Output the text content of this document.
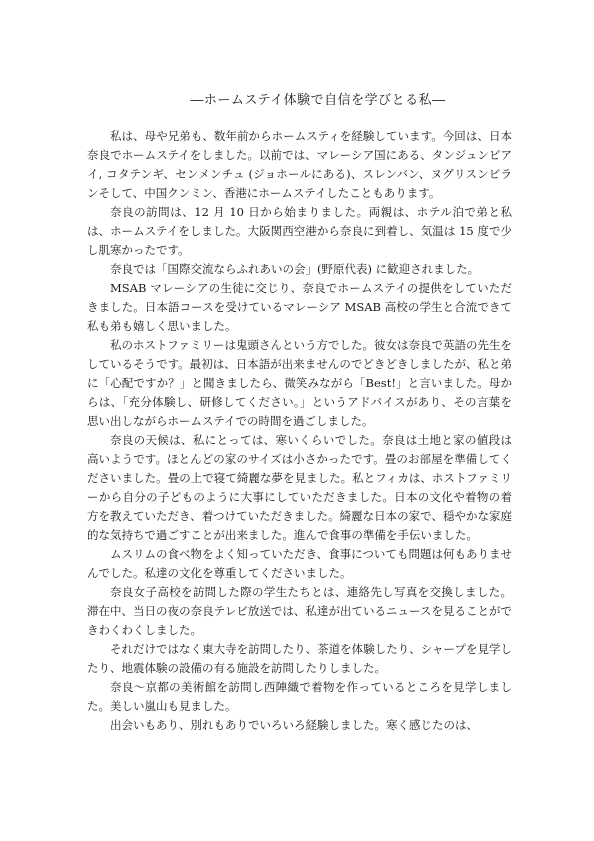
―ホームステイ体験で自信を学びとる私―

私は、母や兄弟も、数年前からホームスティを経験しています。今回は、日本奈良でホームステイをしました。以前では、マレーシア国にある、タンジュンビアイ, コタテンギ、センメンチュ (ジョホールにある)、スレンバン、ヌグリスンビランそして、中国クンミン、香港にホームステイしたこともあります。

奈良の訪問は、12 月 10 日から始まりました。両親は、ホテル泊で弟と私は、ホームステイをしました。大阪関西空港から奈良に到着し、気温は 15 度で少し肌寒かったです。

奈良では「国際交流ならふれあいの会」(野原代表) に歓迎されました。

MSAB マレーシアの生徒に交じり、奈良でホームステイの提供をしていただきました。日本語コースを受けているマレーシア MSAB 高校の学生と合流できて私も弟も嬉しく思いました。

私のホストファミリーは鬼頭さんという方でした。彼女は奈良で英語の先生をしているそうです。最初は、日本語が出来ませんのでどきどきしましたが、私と弟に「心配ですか？」と聞きましたら、微笑みながら「Best!」と言いました。母からは、「充分体験し、研修してください。」というアドバイスがあり、その言葉を思い出しながらホームステイでの時間を過ごしました。

奈良の天候は、私にとっては、寒いくらいでした。奈良は土地と家の値段は高いようです。ほとんどの家のサイズは小さかったです。畳のお部屋を準備してくださいました。畳の上で寝て綺麗な夢を見ました。私とフィカは、ホストファミリーから自分の子どものように大事にしていただきました。日本の文化や着物の着方を教えていただき、着つけていただきました。綺麗な日本の家で、穏やかな家庭的な気持ちで過ごすことが出来ました。進んで食事の準備を手伝いました。

ムスリムの食べ物をよく知っていただき、食事についても問題は何もありませんでした。私達の文化を尊重してくださいました。

奈良女子高校を訪問した際の学生たちとは、連絡先し写真を交換しました。滞在中、当日の夜の奈良テレビ放送では、私達が出ているニュースを見ることができわくわくしました。

それだけではなく東大寺を訪問したり、茶道を体験したり、シャープを見学したり、地震体験の設備の有る施設を訪問したりしました。

奈良～京都の美術館を訪問し西陣織で着物を作っているところを見学しました。美しい嵐山も見ました。

出会いもあり、別れもありでいろいろ経験しました。寒く感じたのは、
